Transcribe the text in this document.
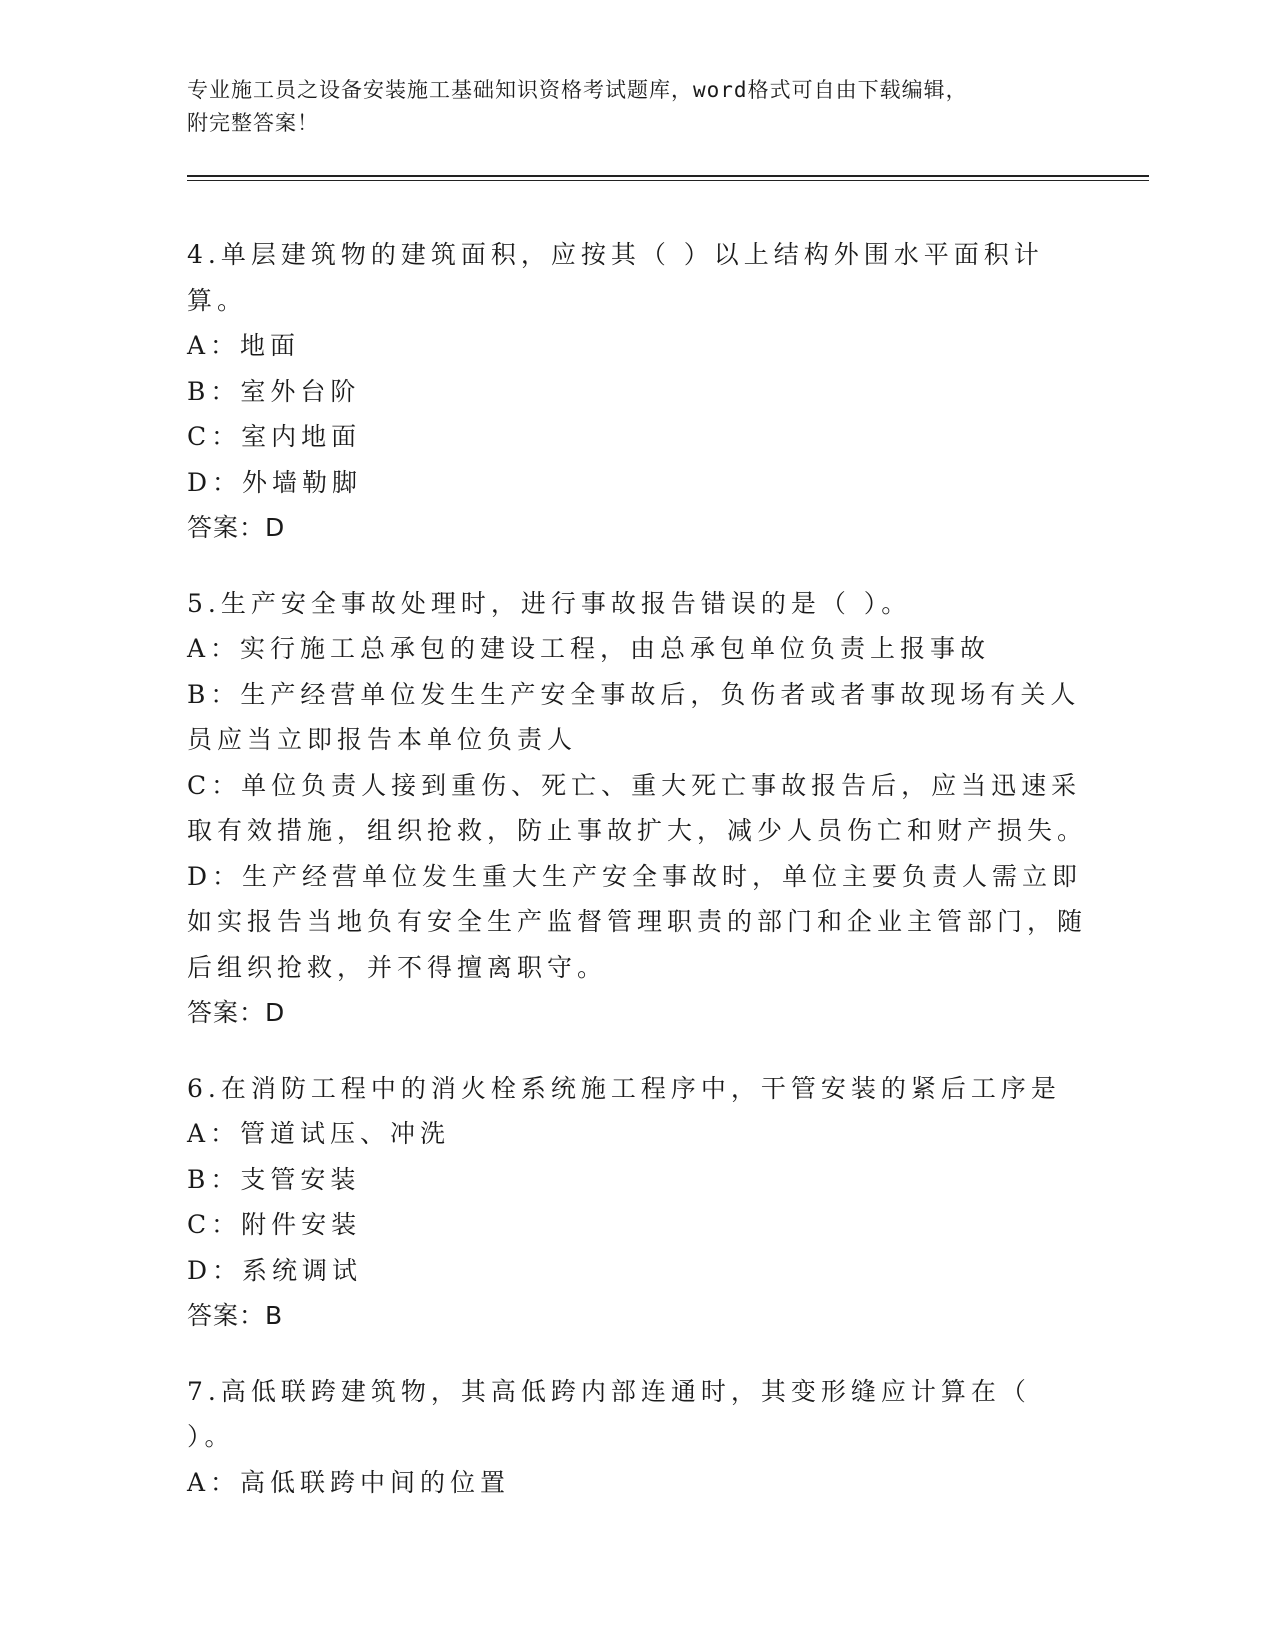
专业施工员之设备安装施工基础知识资格考试题库，word格式可自由下载编辑，
附完整答案！
4.单层建筑物的建筑面积，应按其（ ）以上结构外围水平面积计算。
A：地面
B：室外台阶
C：室内地面
D：外墙勒脚
答案：D
5.生产安全事故处理时，进行事故报告错误的是（ ）。
A：实行施工总承包的建设工程，由总承包单位负责上报事故
B：生产经营单位发生生产安全事故后，负伤者或者事故现场有关人员应当立即报告本单位负责人
C：单位负责人接到重伤、死亡、重大死亡事故报告后，应当迅速采取有效措施，组织抢救，防止事故扩大，减少人员伤亡和财产损失。
D：生产经营单位发生重大生产安全事故时，单位主要负责人需立即如实报告当地负有安全生产监督管理职责的部门和企业主管部门，随后组织抢救，并不得擅离职守。
答案：D
6.在消防工程中的消火栓系统施工程序中，干管安装的紧后工序是
A：管道试压、冲洗
B：支管安装
C：附件安装
D：系统调试
答案：B
7.高低联跨建筑物，其高低跨内部连通时，其变形缝应计算在（ ）。
A：高低联跨中间的位置
